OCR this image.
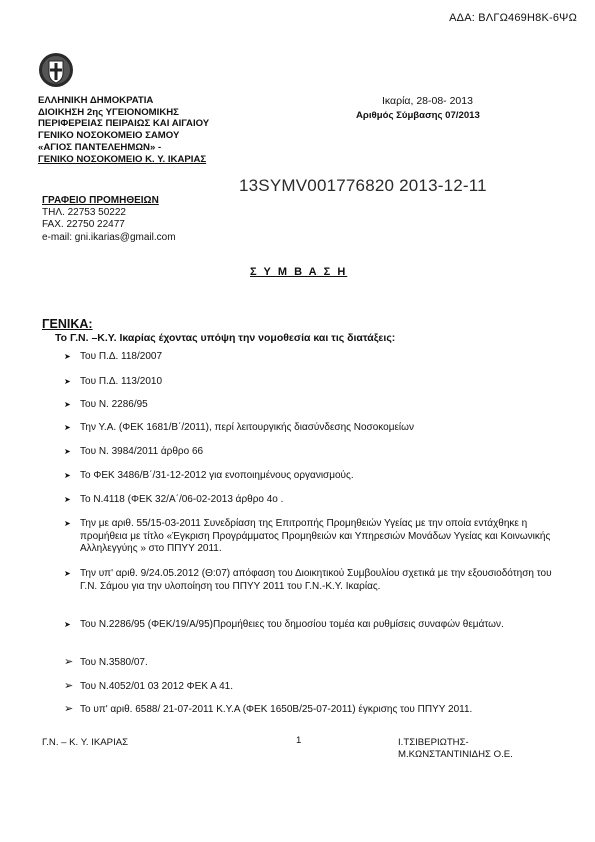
ΑΔΑ: ΒΛΓΩ469Η8Κ-6ΨΩ
ΕΛΛΗΝΙΚΗ ΔΗΜΟΚΡΑΤΙΑ
ΔΙΟΙΚΗΣΗ 2ης ΥΓΕΙΟΝΟΜΙΚΗΣ
ΠΕΡΙΦΕΡΕΙΑΣ ΠΕΙΡΑΙΩΣ ΚΑΙ ΑΙΓΑΙΟΥ
ΓΕΝΙΚΟ ΝΟΣΟΚΟΜΕΙΟ ΣΑΜΟΥ
«ΑΓΙΟΣ ΠΑΝΤΕΛΕΗΜΩΝ» -
ΓΕΝΙΚΟ ΝΟΣΟΚΟΜΕΙΟ Κ. Υ. ΙΚΑΡΙΑΣ
Ικαρία, 28-08- 2013
Αριθμός Σύμβασης 07/2013
13SYMV001776820 2013-12-11
ΓΡΑΦΕΙΟ ΠΡΟΜΗΘΕΙΩΝ
ΤΗΛ. 22753 50222
FAX. 22750 22477
e-mail: gni.ikarias@gmail.com
Σ Υ Μ Β Α Σ Η
ΓΕΝΙΚΑ:
Το Γ.Ν. –Κ.Υ. Ικαρίας έχοντας υπόψη την νομοθεσία και τις διατάξεις:
➤ Του Π.Δ. 118/2007
➤ Του Π.Δ. 113/2010
➤ Του Ν. 2286/95
➤ Την Υ.Α. (ΦΕΚ 1681/Β΄/2011), περί λειτουργικής διασύνδεσης Νοσοκομείων
➤ Του Ν. 3984/2011 άρθρο 66
➤ Το ΦΕΚ 3486/Β΄/31-12-2012 για ενοποιημένους οργανισμούς.
➤ Το Ν.4118 (ΦΕΚ 32/Α΄/06-02-2013 άρθρο 4ο .
➤ Την με αριθ. 55/15-03-2011 Συνεδρίαση της Επιτροπής Προμηθειών Υγείας με την οποία εντάχθηκε η προμήθεια με τίτλο «Έγκριση Προγράμματος Προμηθειών και Υπηρεσιών Μονάδων Υγείας και Κοινωνικής Αλληλεγγύης » στο ΠΠΥΥ 2011.
➤ Την υπ' αριθ. 9/24.05.2012 (Θ:07) απόφαση του Διοικητικού Συμβουλίου σχετικά με την εξουσιοδότηση του Γ.Ν. Σάμου για την υλοποίηση του ΠΠΥΥ 2011 του Γ.Ν.-Κ.Υ. Ικαρίας.
➤ Του Ν.2286/95 (ΦΕΚ/19/Α/95)Προμήθειες του δημοσίου τομέα και ρυθμίσεις συναφών θεμάτων.
➢ Του Ν.3580/07.
➢ Του Ν.4052/01 03 2012 ΦΕΚ Α 41.
➢ Το υπ' αριθ. 6588/ 21-07-2011 Κ.Υ.Α (ΦΕΚ 1650Β/25-07-2011) έγκρισης του ΠΠΥΥ 2011.
Γ.Ν. – Κ. Υ. ΙΚΑΡΙΑΣ	1	Ι.ΤΣΙΒΕΡΙΩΤΗΣ-
Μ.ΚΩΝΣΤΑΝΤΙΝΙΔΗΣ Ο.Ε.
